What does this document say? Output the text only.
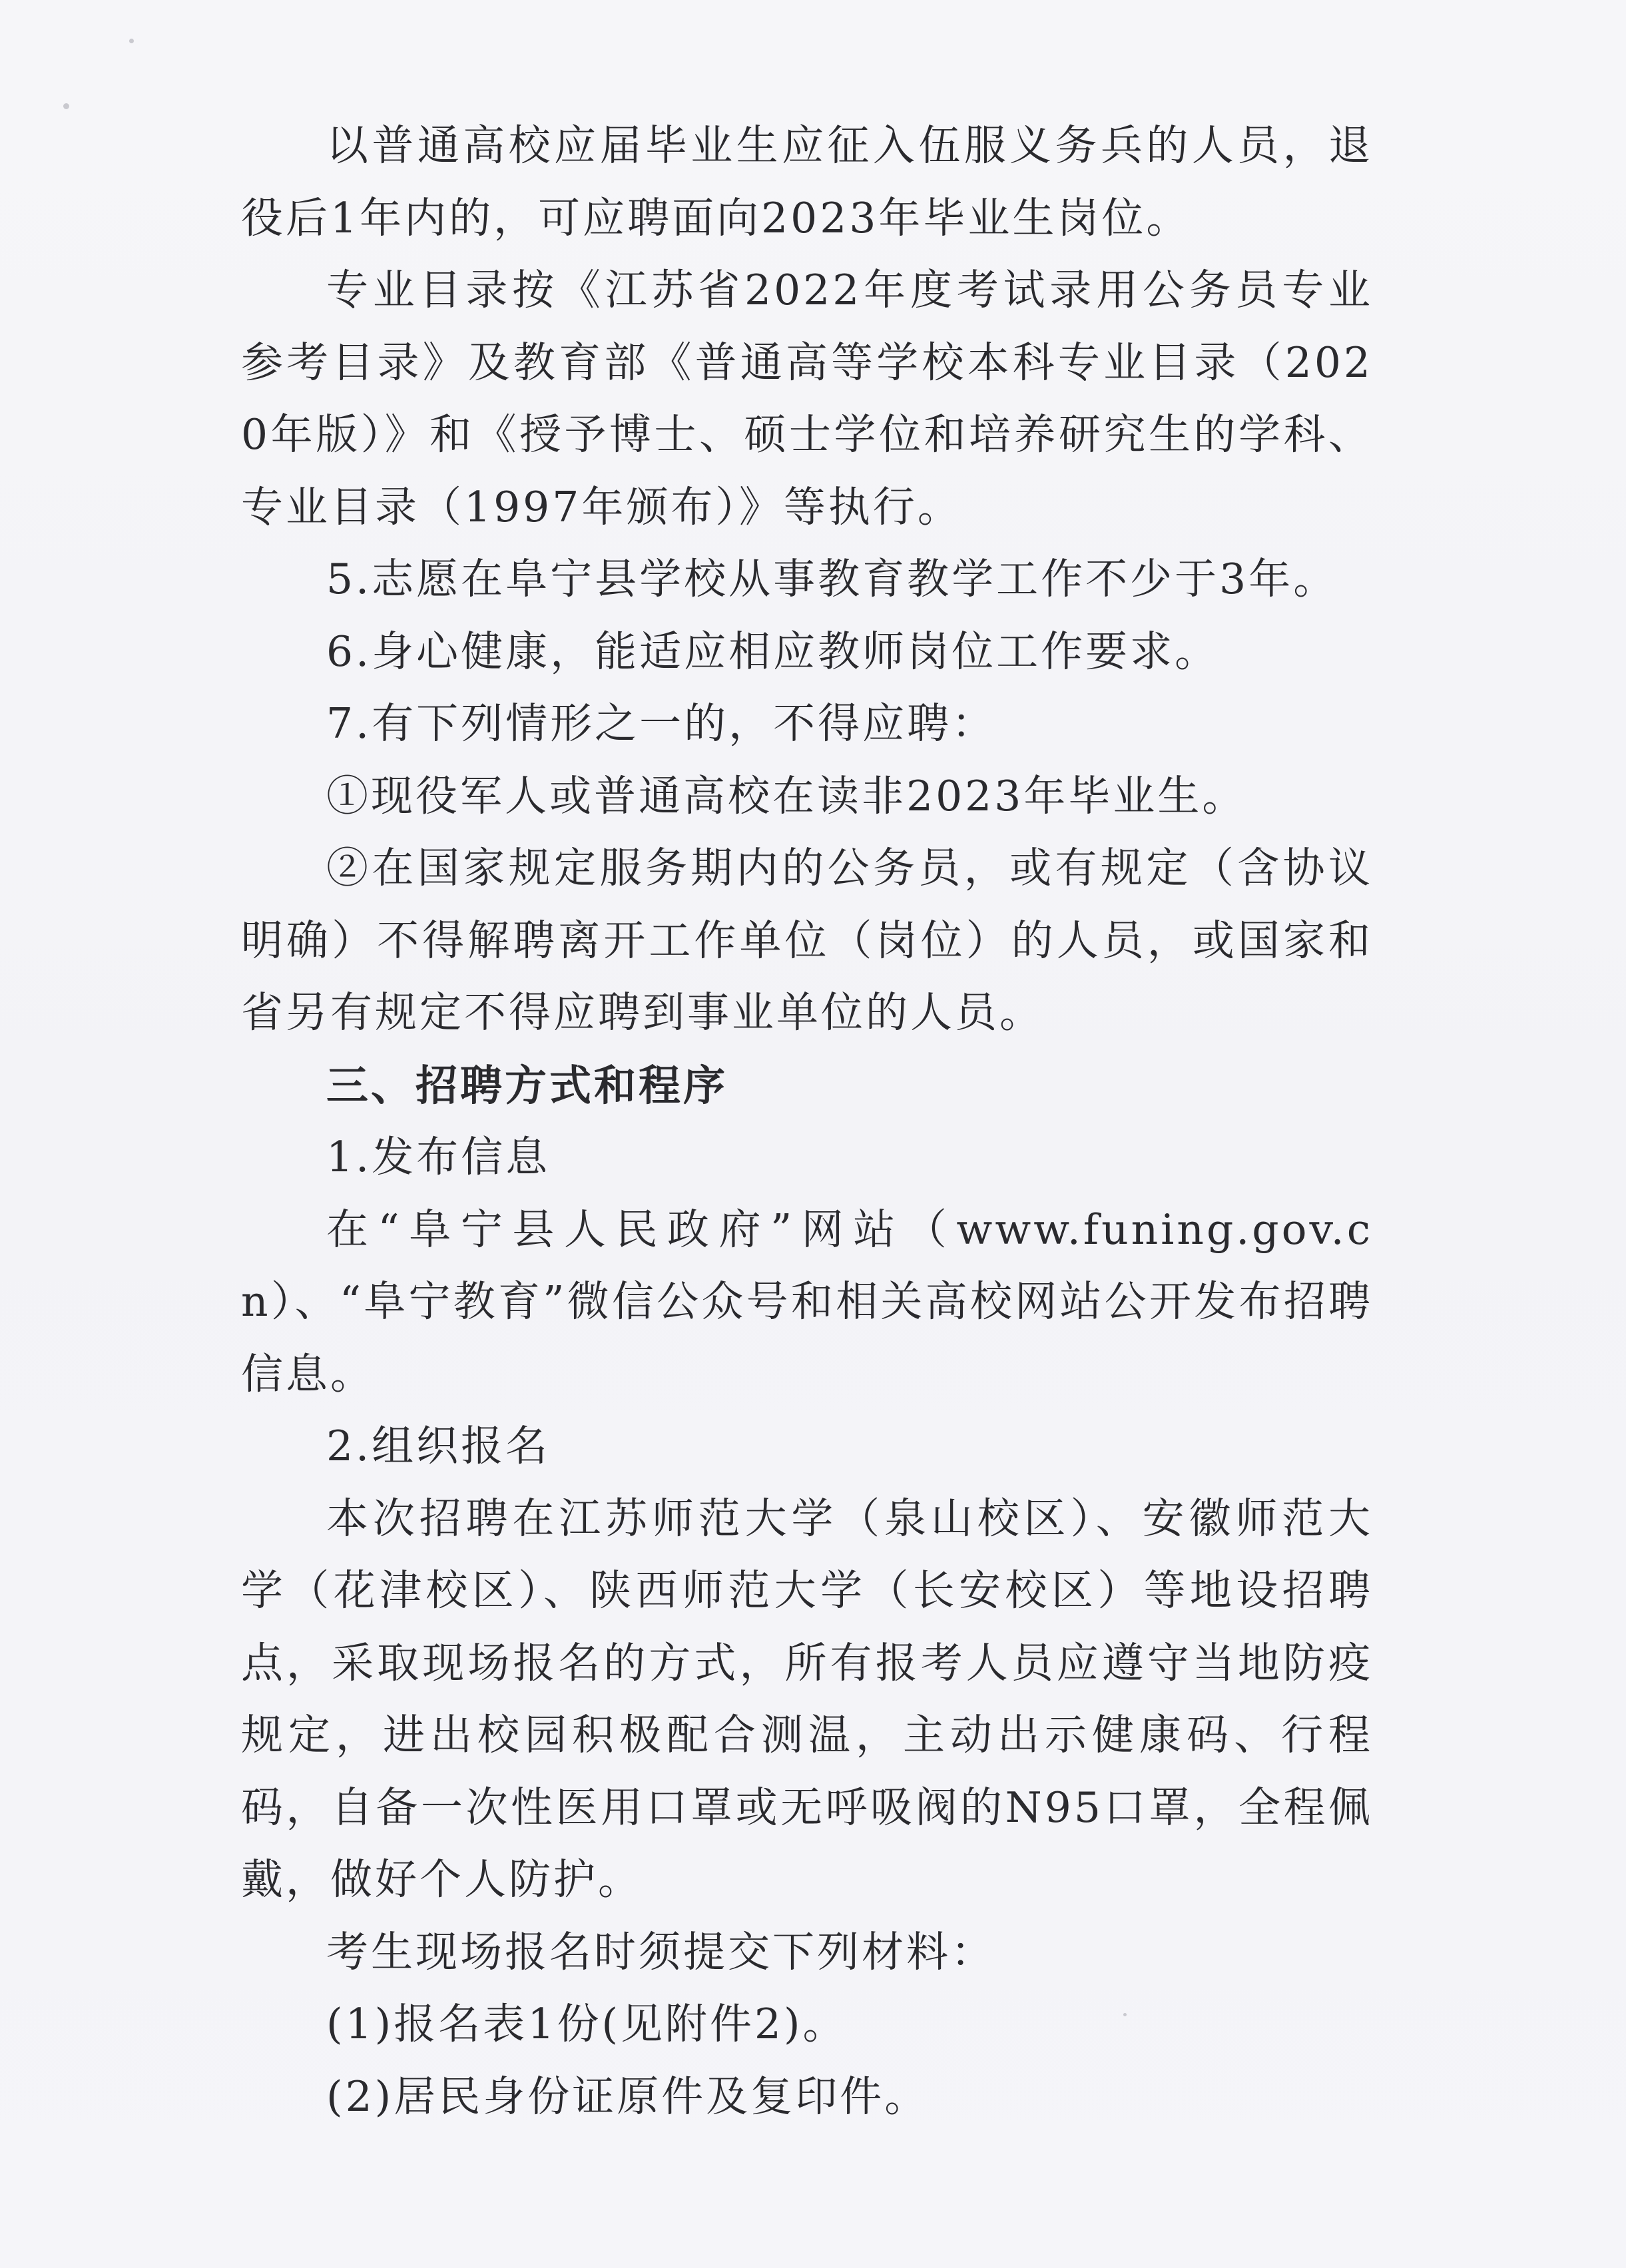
以普通高校应届毕业生应征入伍服义务兵的人员，退役后1年内的，可应聘面向2023年毕业生岗位。

专业目录按《江苏省2022年度考试录用公务员专业参考目录》及教育部《普通高等学校本科专业目录（2020年版）》和《授予博士、硕士学位和培养研究生的学科、专业目录（1997年颁布）》等执行。

5.志愿在阜宁县学校从事教育教学工作不少于3年。

6.身心健康，能适应相应教师岗位工作要求。

7.有下列情形之一的，不得应聘：

①现役军人或普通高校在读非2023年毕业生。

②在国家规定服务期内的公务员，或有规定（含协议明确）不得解聘离开工作单位（岗位）的人员，或国家和省另有规定不得应聘到事业单位的人员。

三、招聘方式和程序

1.发布信息

在“阜宁县人民政府”网站（www.funing.gov.cn）、“阜宁教育”微信公众号和相关高校网站公开发布招聘信息。

2.组织报名

本次招聘在江苏师范大学（泉山校区）、安徽师范大学（花津校区）、陕西师范大学（长安校区）等地设招聘点，采取现场报名的方式，所有报考人员应遵守当地防疫规定，进出校园积极配合测温，主动出示健康码、行程码，自备一次性医用口罩或无呼吸阀的N95口罩，全程佩戴，做好个人防护。

考生现场报名时须提交下列材料：

(1)报名表1份(见附件2)。

(2)居民身份证原件及复印件。
